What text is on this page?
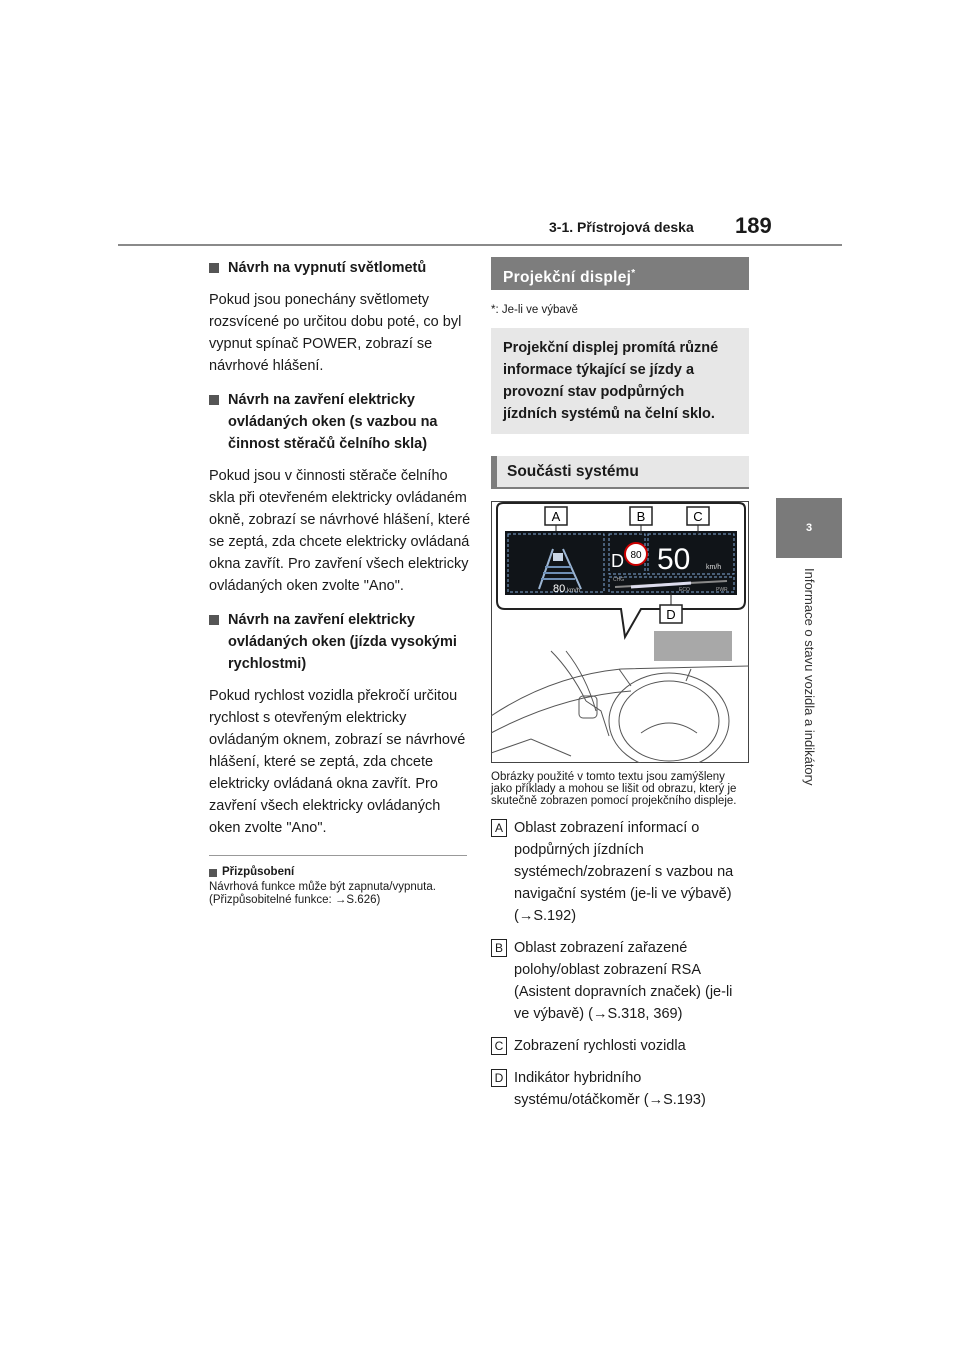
3-1. Přístrojová deska 189
3
Informace o stavu vozidla a indikátory
Návrh na vypnutí světlometů

Pokud jsou ponechány světlomety rozsvícené po určitou dobu poté, co byl vypnut spínač POWER, zobrazí se návrhové hlášení.

Návrh na zavření elektricky ovládaných oken (s vazbou na činnost stěračů čelního skla)

Pokud jsou v činnosti stěrače čelního skla při otevřeném elektricky ovládaném okně, zobrazí se návrhové hlášení, které se zeptá, zda chcete elektricky ovládaná okna zavřít. Pro zavření všech elektricky ovládaných oken zvolte "Ano".

Návrh na zavření elektricky ovládaných oken (jízda vysokými rychlostmi)

Pokud rychlost vozidla překročí určitou rychlost s otevřeným elektricky ovládaným oknem, zobrazí se návrhové hlášení, které se zeptá, zda chcete elektricky ovládaná okna zavřít. Pro zavření všech elektricky ovládaných oken zvolte "Ano".

Přizpůsobení
Návrhová funkce může být zapnuta/vypnuta.
(Přizpůsobitelné funkce: →S.626)
Projekční displej*
*: Je-li ve výbavě
Projekční displej promítá různé informace týkající se jízdy a provozní stav podpůrných jízdních systémů na čelní sklo.
Součásti systému
80 km/h
D 80 50 km/h
CHG
ECO	PWR
A	B	C
D
Obrázky použité v tomto textu jsou zamýšleny jako příklady a mohou se lišit od obrazu, který je skutečně zobrazen pomocí projekčního displeje.
A Oblast zobrazení informací o podpůrných jízdních systémech/zobrazení s vazbou na navigační systém (je-li ve výbavě) (→S.192)
B Oblast zobrazení zařazené polohy/oblast zobrazení RSA (Asistent dopravních značek) (je-li ve výbavě) (→S.318, 369)
C Zobrazení rychlosti vozidla
D Indikátor hybridního systému/otáčkoměr (→S.193)
